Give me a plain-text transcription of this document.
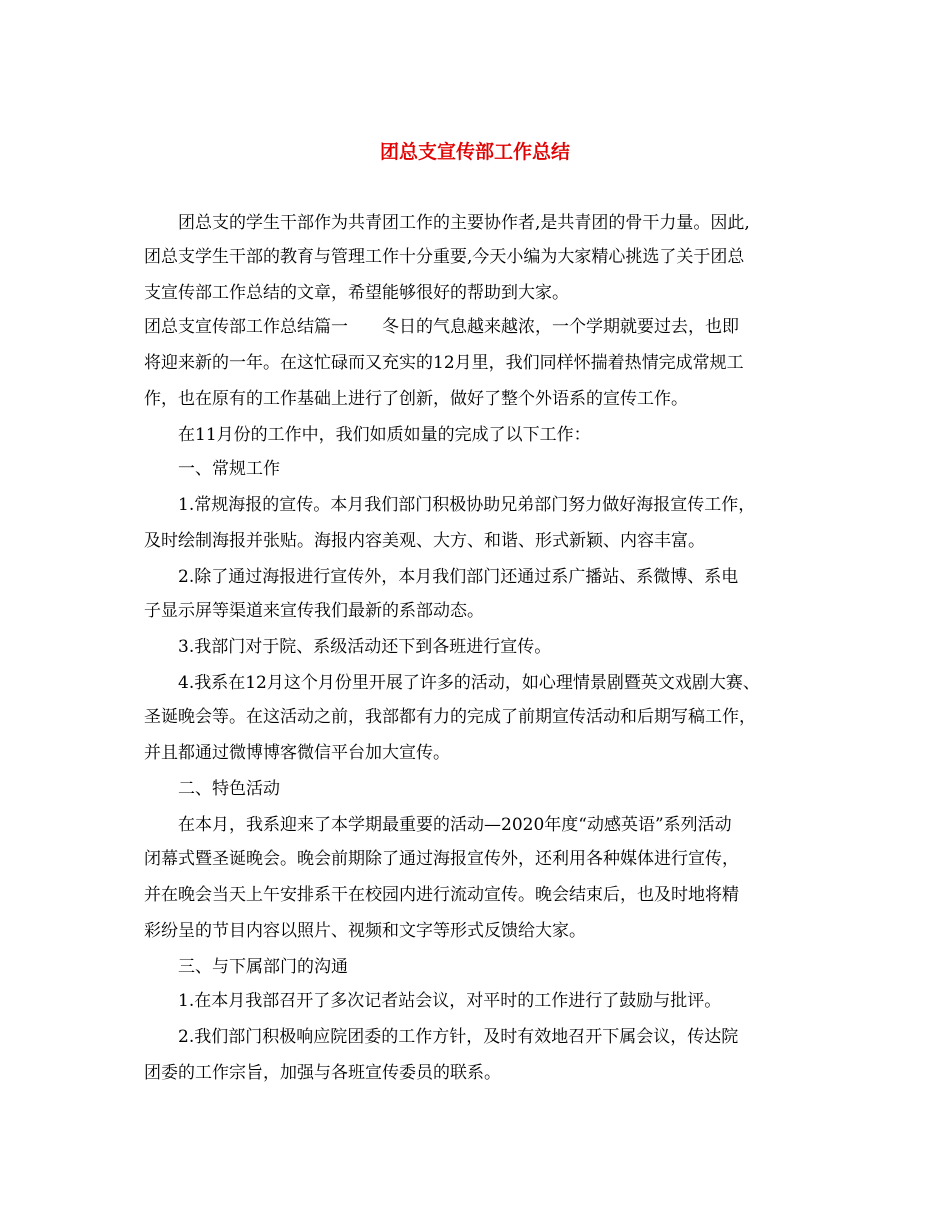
团总支宣传部工作总结

团总支的学生干部作为共青团工作的主要协作者,是共青团的骨干力量。因此,

团总支学生干部的教育与管理工作十分重要,今天小编为大家精心挑选了关于团总

支宣传部工作总结的文章，希望能够很好的帮助到大家。

团总支宣传部工作总结篇一　　冬日的气息越来越浓，一个学期就要过去，也即

将迎来新的一年。在这忙碌而又充实的12月里，我们同样怀揣着热情完成常规工

作，也在原有的工作基础上进行了创新，做好了整个外语系的宣传工作。

在11月份的工作中，我们如质如量的完成了以下工作：

一、常规工作

1.常规海报的宣传。本月我们部门积极协助兄弟部门努力做好海报宣传工作，

及时绘制海报并张贴。海报内容美观、大方、和谐、形式新颖、内容丰富。

2.除了通过海报进行宣传外，本月我们部门还通过系广播站、系微博、系电

子显示屏等渠道来宣传我们最新的系部动态。

3.我部门对于院、系级活动还下到各班进行宣传。

4.我系在12月这个月份里开展了许多的活动，如心理情景剧暨英文戏剧大赛、

圣诞晚会等。在这活动之前，我部都有力的完成了前期宣传活动和后期写稿工作，

并且都通过微博博客微信平台加大宣传。

二、特色活动

在本月，我系迎来了本学期最重要的活动—2020年度“动感英语”系列活动

闭幕式暨圣诞晚会。晚会前期除了通过海报宣传外，还利用各种媒体进行宣传，

并在晚会当天上午安排系干在校园内进行流动宣传。晚会结束后，也及时地将精

彩纷呈的节目内容以照片、视频和文字等形式反馈给大家。

三、与下属部门的沟通

1.在本月我部召开了多次记者站会议，对平时的工作进行了鼓励与批评。

2.我们部门积极响应院团委的工作方针，及时有效地召开下属会议，传达院

团委的工作宗旨，加强与各班宣传委员的联系。
